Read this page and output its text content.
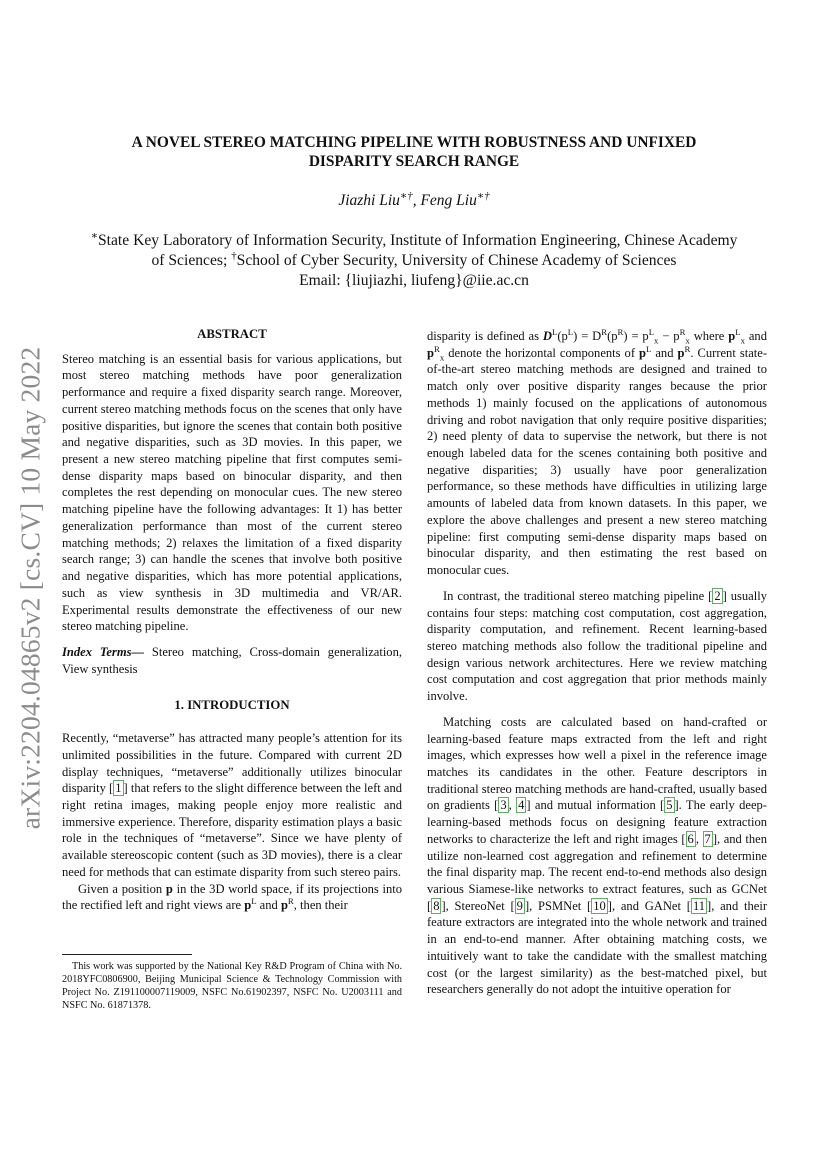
arXiv:2204.04865v2 [cs.CV] 10 May 2022
A NOVEL STEREO MATCHING PIPELINE WITH ROBUSTNESS AND UNFIXED
DISPARITY SEARCH RANGE

Jiazhi Liu∗†, Feng Liu∗†

∗State Key Laboratory of Information Security, Institute of Information Engineering, Chinese Academy
of Sciences; †School of Cyber Security, University of Chinese Academy of Sciences
Email: {liujiazhi, liufeng}@iie.ac.cn
ABSTRACT

Stereo matching is an essential basis for various applications, but most stereo matching methods have poor generalization performance and require a fixed disparity search range. Moreover, current stereo matching methods focus on the scenes that only have positive disparities, but ignore the scenes that contain both positive and negative disparities, such as 3D movies. In this paper, we present a new stereo matching pipeline that first computes semi-dense disparity maps based on binocular disparity, and then completes the rest depending on monocular cues. The new stereo matching pipeline have the following advantages: It 1) has better generalization performance than most of the current stereo matching methods; 2) relaxes the limitation of a fixed disparity search range; 3) can handle the scenes that involve both positive and negative disparities, which has more potential applications, such as view synthesis in 3D multimedia and VR/AR. Experimental results demonstrate the effectiveness of our new stereo matching pipeline.

Index Terms— Stereo matching, Cross-domain generalization, View synthesis

1. INTRODUCTION

Recently, “metaverse” has attracted many people’s attention for its unlimited possibilities in the future. Compared with current 2D display techniques, “metaverse” additionally utilizes binocular disparity [ 1 ] that refers to the slight difference between the left and right retina images, making people enjoy more realistic and immersive experience. Therefore, disparity estimation plays a basic role in the techniques of “metaverse”. Since we have plenty of available stereoscopic content (such as 3D movies), there is a clear need for methods that can estimate disparity from such stereo pairs.

Given a position p in the 3D world space, if its projections into the rectified left and right views are $p^L$ and $p^R$, then their

This work was supported by the National Key R&D Program of China with No. 2018YFC0806900, Beijing Municipal Science & Technology Commission with Project No. Z191100007119009, NSFC No.61902397, NSFC No. U2003111 and NSFC No. 61871378.

disparity is defined as $D^L(p^L) = D^R(p^R) = p^L_x - p^R_x$ where $p^L_x$ and $p^R_x$ denote the horizontal components of $p^L$ and $p^R$. Current state-of-the-art stereo matching methods are designed and trained to match only over positive disparity ranges because the prior methods 1) mainly focused on the applications of autonomous driving and robot navigation that only require positive disparities; 2) need plenty of data to supervise the network, but there is not enough labeled data for the scenes containing both positive and negative disparities; 3) usually have poor generalization performance, so these methods have difficulties in utilizing large amounts of labeled data from known datasets. In this paper, we explore the above challenges and present a new stereo matching pipeline: first computing semi-dense disparity maps based on binocular disparity, and then estimating the rest based on monocular cues.

In contrast, the traditional stereo matching pipeline [ 2 ] usually contains four steps: matching cost computation, cost aggregation, disparity computation, and refinement. Recent learning-based stereo matching methods also follow the traditional pipeline and design various network architectures. Here we review matching cost computation and cost aggregation that prior methods mainly involve.

Matching costs are calculated based on hand-crafted or learning-based feature maps extracted from the left and right images, which expresses how well a pixel in the reference image matches its candidates in the other. Feature descriptors in traditional stereo matching methods are hand-crafted, usually based on gradients [ 3 , 4 ] and mutual information [ 5 ]. The early deep-learning-based methods focus on designing feature extraction networks to characterize the left and right images [ 6 , 7 ], and then utilize non-learned cost aggregation and refinement to determine the final disparity map. The recent end-to-end methods also design various Siamese-like networks to extract features, such as GCNet [ 8 ], StereoNet [ 9 ], PSMNet [ 10 ], and GANet [ 11 ], and their feature extractors are integrated into the whole network and trained in an end-to-end manner. After obtaining matching costs, we intuitively want to take the candidate with the smallest matching cost (or the largest similarity) as the best-matched pixel, but researchers generally do not adopt the intuitive operation for
